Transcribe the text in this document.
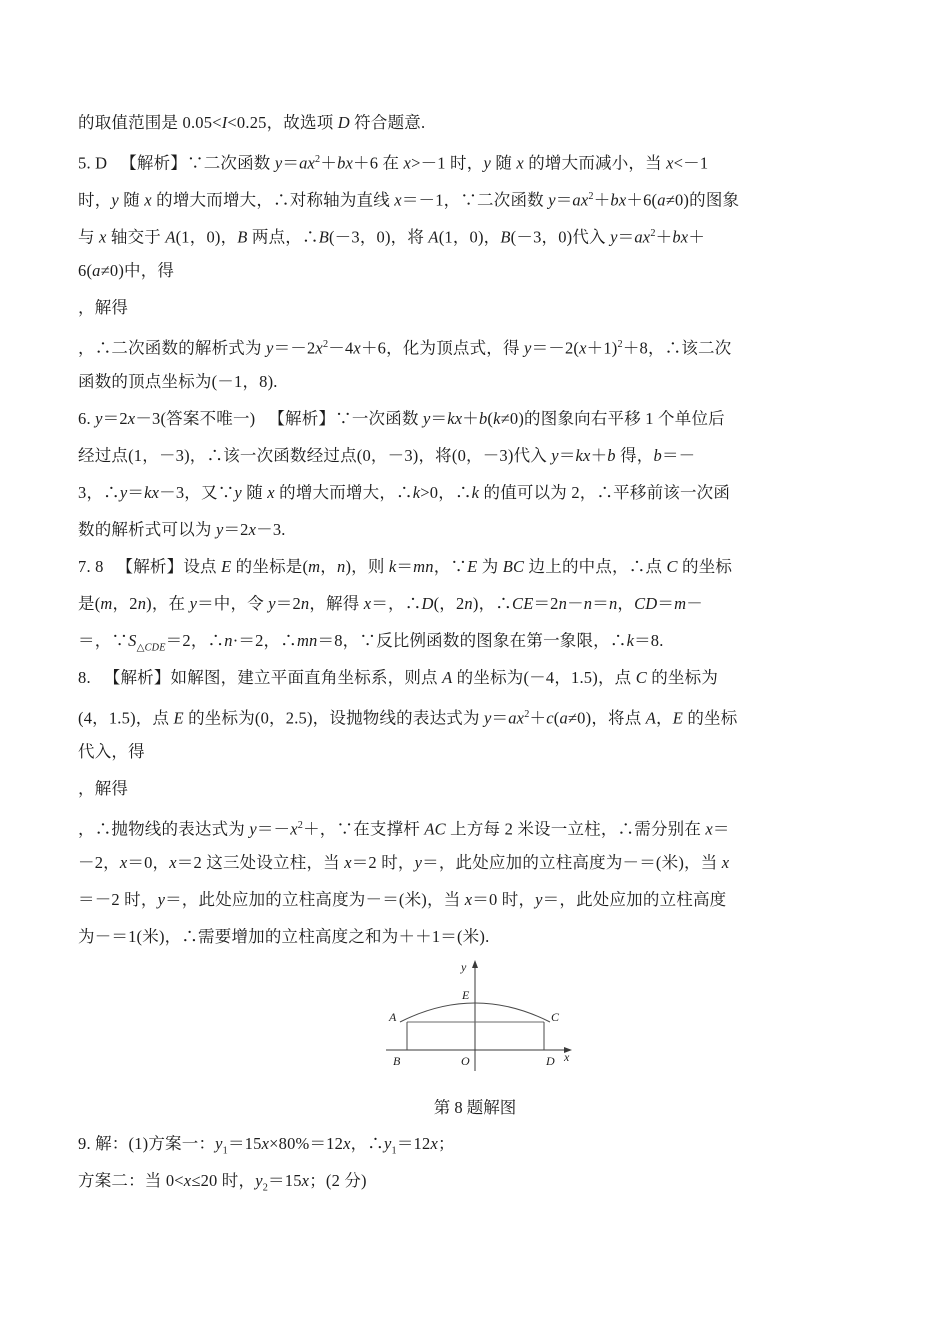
的取值范围是 0.05<I<0.25，故选项 D 符合题意.
5. D   【解析】∵二次函数 $y=ax^2+bx+6$ 在 x>－1 时，y 随 x 的增大而减小，当 x<－1
时，y 随 x 的增大而增大，∴对称轴为直线 x＝－1，∵二次函数 $y=ax^2+bx+6(a\ne 0)$的图象
与 x 轴交于 A(1，0)，B 两点，∴B(－3，0)，将 A(1，0)，B(－3，0)代入 $y=ax^2+bx+$
6(a≠0)中，得
，解得
，∴二次函数的解析式为 $y=-2x^2-4x+6$，化为顶点式，得 $y=-2(x+1)^2+8$，∴该二次
函数的顶点坐标为(－1，8).
6. y＝2x－3(答案不唯一)   【解析】∵一次函数 y＝kx＋b(k≠0)的图象向右平移 1 个单位后
经过点(1，－3)，∴该一次函数经过点(0，－3)，将(0，－3)代入 y＝kx＋b 得，b＝－
3，∴y＝kx－3，又∵y 随 x 的增大而增大，∴k>0，∴k 的值可以为 2，∴平移前该一次函
数的解析式可以为 y＝2x－3.
7. 8   【解析】设点 E 的坐标是(m，n)，则 k＝mn，∵E 为 BC 边上的中点，∴点 C 的坐标
是(m，2n)，在 y＝中，令 y＝2n，解得 x＝，∴D(，2n)，∴CE＝2n－n＝n，CD＝m－
＝，$\because S_{\triangle CDE}=2$，∴n·＝2，∴mn＝8，∵反比例函数的图象在第一象限，∴k＝8.
8.   【解析】如解图，建立平面直角坐标系，则点 A 的坐标为(－4，1.5)，点 C 的坐标为
(4，1.5)，点 E 的坐标为(0，2.5)，设抛物线的表达式为 $y=ax^2+c(a\ne 0)$，将点 A，E 的坐标
代入，得
，解得
，∴抛物线的表达式为 $y=-x^2+$，∵在支撑杆 AC 上方每 2 米设一立柱，∴需分别在 x＝
－2，x＝0，x＝2 这三处设立柱，当 x＝2 时，y＝，此处应加的立柱高度为－＝(米)，当 x
＝－2 时，y＝，此处应加的立柱高度为－＝(米)，当 x＝0 时，y＝，此处应加的立柱高度
为－＝1(米)，∴需要增加的立柱高度之和为＋＋1＝(米).
y
x
E
A	C
B	O	D
第 8 题解图
9. 解：(1)方案一：$y_1=15x\times 80\%=12x$，$\therefore y_1=12x$；
方案二：当 0<x≤20 时，$y_2=15x$；(2 分)
